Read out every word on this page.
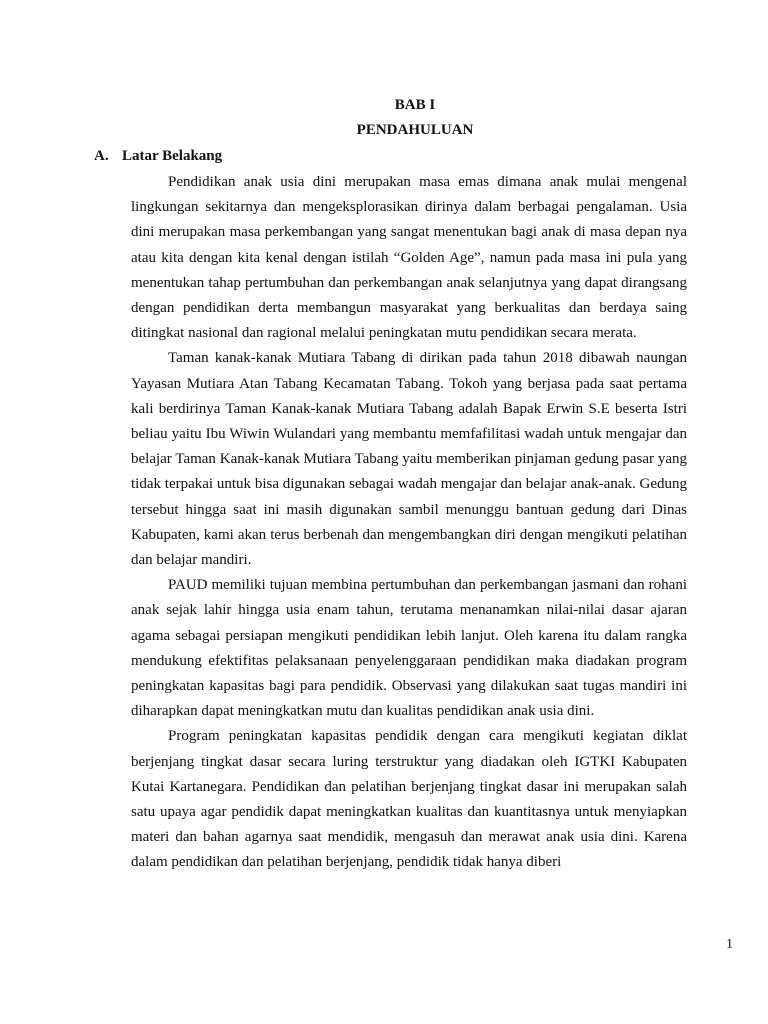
BAB I
PENDAHULUAN
A. Latar Belakang

Pendidikan anak usia dini merupakan masa emas dimana anak mulai mengenal lingkungan sekitarnya dan mengeksplorasikan dirinya dalam berbagai pengalaman. Usia dini merupakan masa perkembangan yang sangat menentukan bagi anak di masa depan nya atau kita dengan kita kenal dengan istilah “Golden Age”, namun pada masa ini pula yang menentukan tahap pertumbuhan dan perkembangan anak selanjutnya yang dapat dirangsang dengan pendidikan derta membangun masyarakat yang berkualitas dan berdaya saing ditingkat nasional dan ragional melalui peningkatan mutu pendidikan secara merata.

Taman kanak-kanak Mutiara Tabang di dirikan pada tahun 2018 dibawah naungan Yayasan Mutiara Atan Tabang Kecamatan Tabang. Tokoh yang berjasa pada saat pertama kali berdirinya Taman Kanak-kanak Mutiara Tabang adalah Bapak Erwin S.E beserta Istri beliau yaitu Ibu Wiwin Wulandari yang membantu memfafilitasi wadah untuk mengajar dan belajar Taman Kanak-kanak Mutiara Tabang yaitu memberikan pinjaman gedung pasar yang tidak terpakai untuk bisa digunakan sebagai wadah mengajar dan belajar anak-anak. Gedung tersebut hingga saat ini masih digunakan sambil menunggu bantuan gedung dari Dinas Kabupaten, kami akan terus berbenah dan mengembangkan diri dengan mengikuti pelatihan dan belajar mandiri.

PAUD memiliki tujuan membina pertumbuhan dan perkembangan jasmani dan rohani anak sejak lahir hingga usia enam tahun, terutama menanamkan nilai-nilai dasar ajaran agama sebagai persiapan mengikuti pendidikan lebih lanjut. Oleh karena itu dalam rangka mendukung efektifitas pelaksanaan penyelenggaraan pendidikan maka diadakan program peningkatan kapasitas bagi para pendidik. Observasi yang dilakukan saat tugas mandiri ini diharapkan dapat meningkatkan mutu dan kualitas pendidikan anak usia dini.

Program peningkatan kapasitas pendidik dengan cara mengikuti kegiatan diklat berjenjang tingkat dasar secara luring terstruktur yang diadakan oleh IGTKI Kabupaten Kutai Kartanegara. Pendidikan dan pelatihan berjenjang tingkat dasar ini merupakan salah satu upaya agar pendidik dapat meningkatkan kualitas dan kuantitasnya untuk menyiapkan materi dan bahan agarnya saat mendidik, mengasuh dan merawat anak usia dini. Karena dalam pendidikan dan pelatihan berjenjang, pendidik tidak hanya diberi

1
